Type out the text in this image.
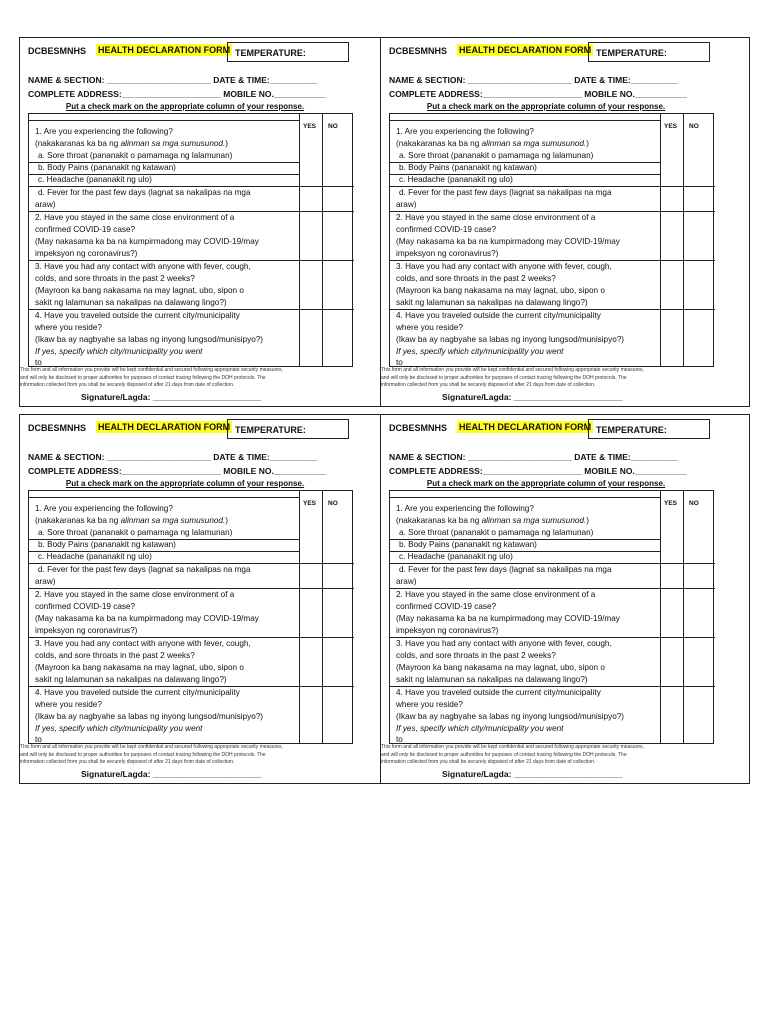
DCBESMNHS HEALTH DECLARATION FORM TEMPERATURE:
NAME & SECTION: ______________________ DATE & TIME:__________
COMPLETE ADDRESS:_____________________ MOBILE NO.___________
Put a check mark on the appropriate column of your response.
YES NO
1. Are you experiencing the following?
(nakakaranas ka ba ng alinman sa mga sumusunod.)
a. Sore throat (pananakit o pamamaga ng lalamunan)
b. Body Pains (pananakit ng katawan)
c. Headache (pananakit ng ulo)
d. Fever for the past few days (lagnat sa nakalipas na mga
araw)
2. Have you stayed in the same close environment of a
confirmed COVID-19 case?
(May nakasama ka ba na kumpirmadong may COVID-19/may
impeksyon ng coronavirus?)
3. Have you had any contact with anyone with fever, cough,
colds, and sore throats in the past 2 weeks?
(Mayroon ka bang nakasama na may lagnat, ubo, sipon o
sakit ng lalamunan sa nakalipas na dalawang lingo?)
4. Have you traveled outside the current city/municipality
where you reside?
(Ikaw ba ay nagbyahe sa labas ng inyong lungsod/munisipyo?)
If yes, specify which city/municipality you went
to______________________________
This form and all information you provide will be kept confidential and secured following appropriate security measures,
and will only be disclosed to proper authorities for purposes of contact tracing following the DOH protocols. The
information collected from you shall be securely disposed of after 21 days from date of collection.
Signature/Lagda: _______________________
DCBESMNHS HEALTH DECLARATION FORM TEMPERATURE:
NAME & SECTION: ______________________ DATE & TIME:__________
COMPLETE ADDRESS:_____________________ MOBILE NO.___________
Put a check mark on the appropriate column of your response.
YES NO
1. Are you experiencing the following?
(nakakaranas ka ba ng alinman sa mga sumusunod.)
a. Sore throat (pananakit o pamamaga ng lalamunan)
b. Body Pains (pananakit ng katawan)
c. Headache (pananakit ng ulo)
d. Fever for the past few days (lagnat sa nakalipas na mga
araw)
2. Have you stayed in the same close environment of a
confirmed COVID-19 case?
(May nakasama ka ba na kumpirmadong may COVID-19/may
impeksyon ng coronavirus?)
3. Have you had any contact with anyone with fever, cough,
colds, and sore throats in the past 2 weeks?
(Mayroon ka bang nakasama na may lagnat, ubo, sipon o
sakit ng lalamunan sa nakalipas na dalawang lingo?)
4. Have you traveled outside the current city/municipality
where you reside?
(Ikaw ba ay nagbyahe sa labas ng inyong lungsod/munisipyo?)
If yes, specify which city/municipality you went
to______________________________
This form and all information you provide will be kept confidential and secured following appropriate security measures,
and will only be disclosed to proper authorities for purposes of contact tracing following the DOH protocols. The
information collected from you shall be securely disposed of after 21 days from date of collection.
Signature/Lagda: _______________________
DCBESMNHS HEALTH DECLARATION FORM TEMPERATURE:
NAME & SECTION: ______________________ DATE & TIME:__________
COMPLETE ADDRESS:_____________________ MOBILE NO.___________
Put a check mark on the appropriate column of your response.
YES NO
1. Are you experiencing the following?
(nakakaranas ka ba ng alinman sa mga sumusunod.)
a. Sore throat (pananakit o pamamaga ng lalamunan)
b. Body Pains (pananakit ng katawan)
c. Headache (pananakit ng ulo)
d. Fever for the past few days (lagnat sa nakalipas na mga
araw)
2. Have you stayed in the same close environment of a
confirmed COVID-19 case?
(May nakasama ka ba na kumpirmadong may COVID-19/may
impeksyon ng coronavirus?)
3. Have you had any contact with anyone with fever, cough,
colds, and sore throats in the past 2 weeks?
(Mayroon ka bang nakasama na may lagnat, ubo, sipon o
sakit ng lalamunan sa nakalipas na dalawang lingo?)
4. Have you traveled outside the current city/municipality
where you reside?
(Ikaw ba ay nagbyahe sa labas ng inyong lungsod/munisipyo?)
If yes, specify which city/municipality you went
to______________________________
This form and all information you provide will be kept confidential and secured following appropriate security measures,
and will only be disclosed to proper authorities for purposes of contact tracing following the DOH protocols. The
information collected from you shall be securely disposed of after 21 days from date of collection.
Signature/Lagda: _______________________
DCBESMNHS HEALTH DECLARATION FORM TEMPERATURE:
NAME & SECTION: ______________________ DATE & TIME:__________
COMPLETE ADDRESS:_____________________ MOBILE NO.___________
Put a check mark on the appropriate column of your response.
YES NO
1. Are you experiencing the following?
(nakakaranas ka ba ng alinman sa mga sumusunod.)
a. Sore throat (pananakit o pamamaga ng lalamunan)
b. Body Pains (pananakit ng katawan)
c. Headache (pananakit ng ulo)
d. Fever for the past few days (lagnat sa nakalipas na mga
araw)
2. Have you stayed in the same close environment of a
confirmed COVID-19 case?
(May nakasama ka ba na kumpirmadong may COVID-19/may
impeksyon ng coronavirus?)
3. Have you had any contact with anyone with fever, cough,
colds, and sore throats in the past 2 weeks?
(Mayroon ka bang nakasama na may lagnat, ubo, sipon o
sakit ng lalamunan sa nakalipas na dalawang lingo?)
4. Have you traveled outside the current city/municipality
where you reside?
(Ikaw ba ay nagbyahe sa labas ng inyong lungsod/munisipyo?)
If yes, specify which city/municipality you went
to______________________________
This form and all information you provide will be kept confidential and secured following appropriate security measures,
and will only be disclosed to proper authorities for purposes of contact tracing following the DOH protocols. The
information collected from you shall be securely disposed of after 21 days from date of collection.
Signature/Lagda: _______________________
